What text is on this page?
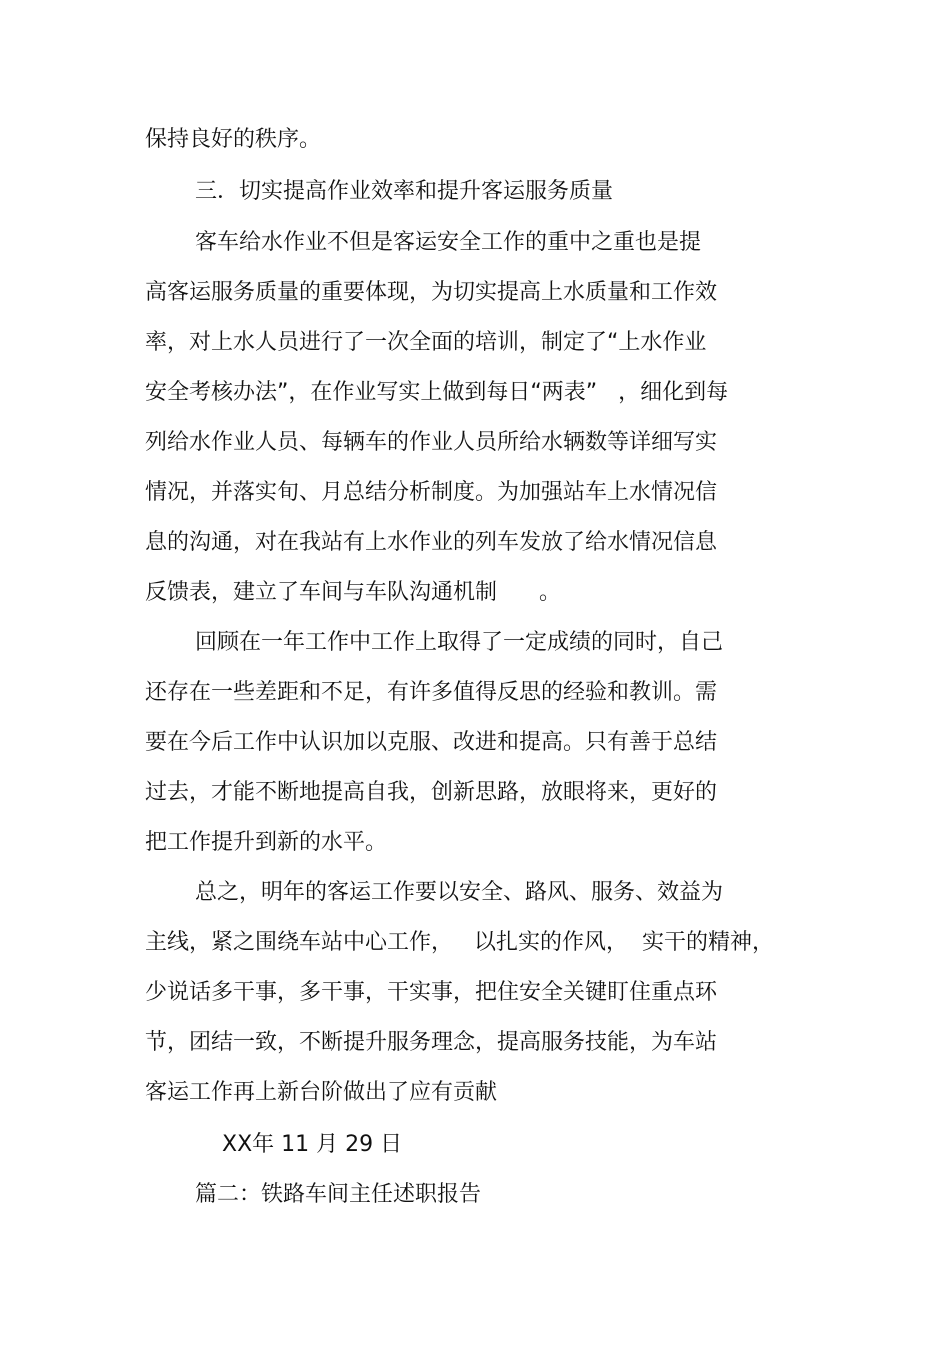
保持良好的秩序。
三．切实提高作业效率和提升客运服务质量
客车给水作业不但是客运安全工作的重中之重也是提
高客运服务质量的重要体现，为切实提高上水质量和工作效
率，对上水人员进行了一次全面的培训，制定了“上水作业
安全考核办法”，在作业写实上做到每日“两表”   ，细化到每
列给水作业人员、每辆车的作业人员所给水辆数等详细写实
情况，并落实旬、月总结分析制度。为加强站车上水情况信
息的沟通，对在我站有上水作业的列车发放了给水情况信息
反馈表，建立了车间与车队沟通机制      。
回顾在一年工作中工作上取得了一定成绩的同时，自己
还存在一些差距和不足，有许多值得反思的经验和教训。需
要在今后工作中认识加以克服、改进和提高。只有善于总结
过去，才能不断地提高自我，创新思路，放眼将来，更好的
把工作提升到新的水平。
总之，明年的客运工作要以安全、路风、服务、效益为
主线，紧之围绕车站中心工作，   以扎实的作风，  实干的精神，
少说话多干事，多干事，干实事，把住安全关键盯住重点环
节，团结一致，不断提升服务理念，提高服务技能，为车站
客运工作再上新台阶做出了应有贡献
XX年 11 月 29 日
篇二：铁路车间主任述职报告
